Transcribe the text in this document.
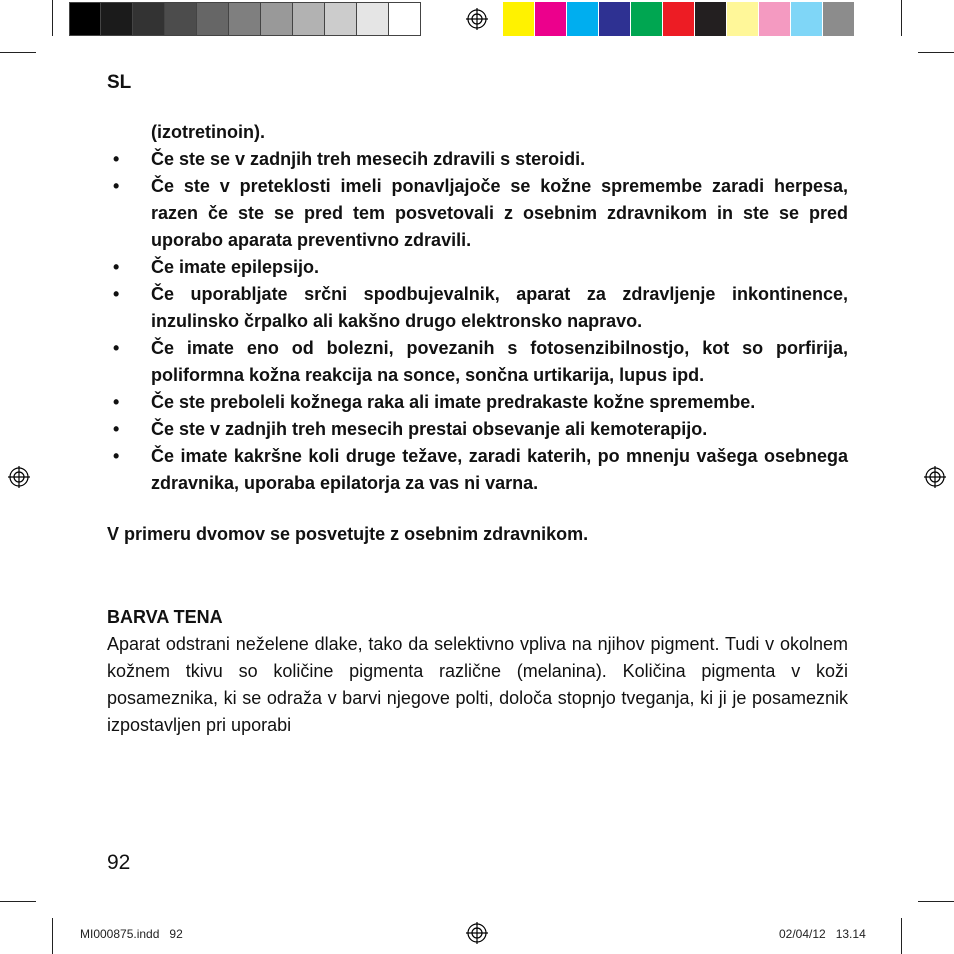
SL
(izotretinoin).
• Če ste se v zadnjih treh mesecih zdravili s steroidi.
• Če ste v preteklosti imeli ponavljajoče se kožne spremembe zaradi herpesa, razen če ste se pred tem posvetovali z osebnim zdravnikom in ste se pred uporabo aparata preventivno zdravili.
• Če imate epilepsijo.
• Če uporabljate srčni spodbujevalnik, aparat za zdravljenje inkontinence, inzulinsko črpalko ali kakšno drugo elektronsko napravo.
• Če imate eno od bolezni, povezanih s fotosenzibilnostjo, kot so porfirija, poliformna kožna reakcija na sonce, sončna urtikarija, lupus ipd.
• Če ste preboleli kožnega raka ali imate predrakaste kožne spremembe.
• Če ste v zadnjih treh mesecih prestai obsevanje ali kemoterapijo.
• Če imate kakršne koli druge težave, zaradi katerih, po mnenju vašega osebnega zdravnika, uporaba epilatorja za vas ni varna.
V primeru dvomov se posvetujte z osebnim zdravnikom.
BARVA TENA
Aparat odstrani neželene dlake, tako da selektivno vpliva na njihov pigment. Tudi v okolnem kožnem tkivu so količine pigmenta različne (melanina). Količina pigmenta v koži posameznika, ki se odraža v barvi njegove polti, določa stopnjo tveganja, ki ji je posameznik izpostavljen pri uporabi
92
MI000875.indd   92	02/04/12   13.14
